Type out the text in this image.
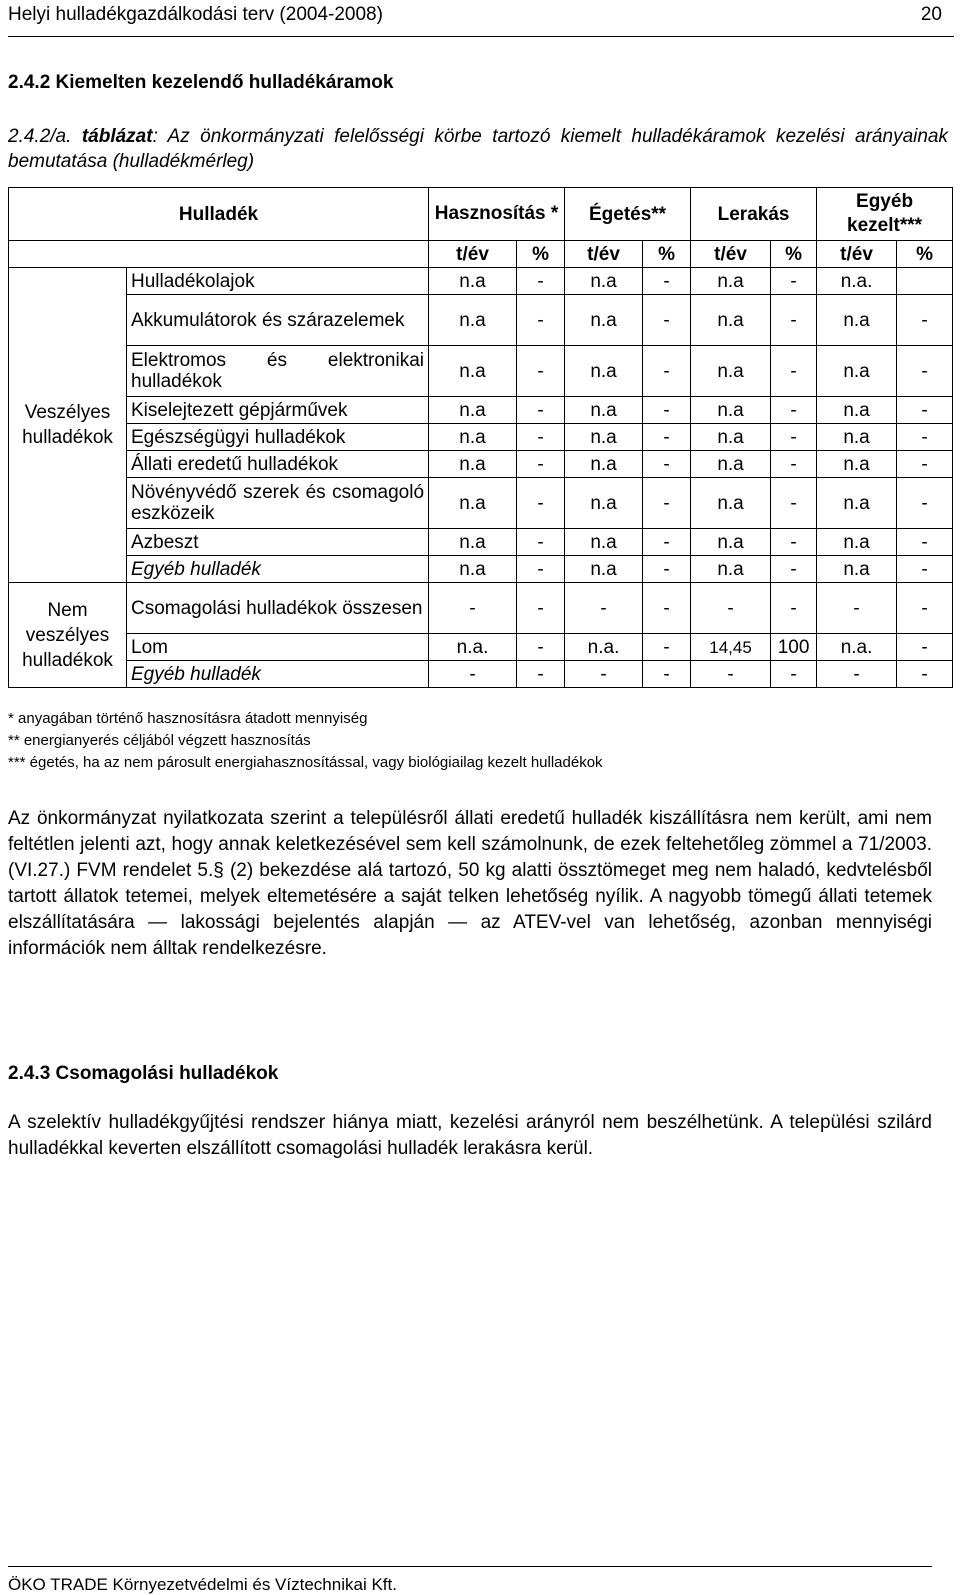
Helyi hulladékgazdálkodási terv (2004-2008)	20
2.4.2 Kiemelten kezelendő hulladékáramok
2.4.2/a. táblázat: Az önkormányzati felelősségi körbe tartozó kiemelt hulladékáramok kezelési arányainak bemutatása (hulladékmérleg)
Hulladék		Hasznosítás *		Égetés**		Lerakás		Egyéb kezelt***	
		t/év	%	t/év	%	t/év	%	t/év	%
Veszélyes hulladékok	Hulladékolajok	n.a	-	n.a	-	n.a	-	n.a.	
	Akkumulátorok és szárazelemek	n.a	-	n.a	-	n.a	-	n.a	-
	Elektromos és elektronikai hulladékok	n.a	-	n.a	-	n.a	-	n.a	-
	Kiselejtezett gépjárművek	n.a	-	n.a	-	n.a	-	n.a	-
	Egészségügyi hulladékok	n.a	-	n.a	-	n.a	-	n.a	-
	Állati eredetű hulladékok	n.a	-	n.a	-	n.a	-	n.a	-
	Növényvédő szerek és csomagoló eszközeik	n.a	-	n.a	-	n.a	-	n.a	-
	Azbeszt	n.a	-	n.a	-	n.a	-	n.a	-
	Egyéb hulladék	n.a	-	n.a	-	n.a	-	n.a	-
Nem veszélyes hulladékok	Csomagolási hulladékok összesen	-	-	-	-	-	-	-	-
	Lom	n.a.	-	n.a.	-	14,45	100	n.a.	-
	Egyéb hulladék	-	-	-	-	-	-	-	-
* anyagában történő hasznosításra átadott mennyiség
** energianyerés céljából végzett hasznosítás
*** égetés, ha az nem párosult energiahasznosítással, vagy biológiailag kezelt hulladékok
Az önkormányzat nyilatkozata szerint a településről állati eredetű hulladék kiszállításra nem került, ami nem feltétlen jelenti azt, hogy annak keletkezésével sem kell számolnunk, de ezek feltehetőleg zömmel a 71/2003. (VI.27.) FVM rendelet 5.§ (2) bekezdése alá tartozó, 50 kg alatti össztömeget meg nem haladó, kedvtelésből tartott állatok tetemei, melyek eltemetésére a saját telken lehetőség nyílik. A nagyobb tömegű állati tetemek elszállítatására — lakossági bejelentés alapján — az ATEV-vel van lehetőség, azonban mennyiségi információk nem álltak rendelkezésre.
2.4.3 Csomagolási hulladékok
A szelektív hulladékgyűjtési rendszer hiánya miatt, kezelési arányról nem beszélhetünk. A települési szilárd hulladékkal keverten elszállított csomagolási hulladék lerakásra kerül.
ÖKO TRADE Környezetvédelmi és Víztechnikai Kft.
